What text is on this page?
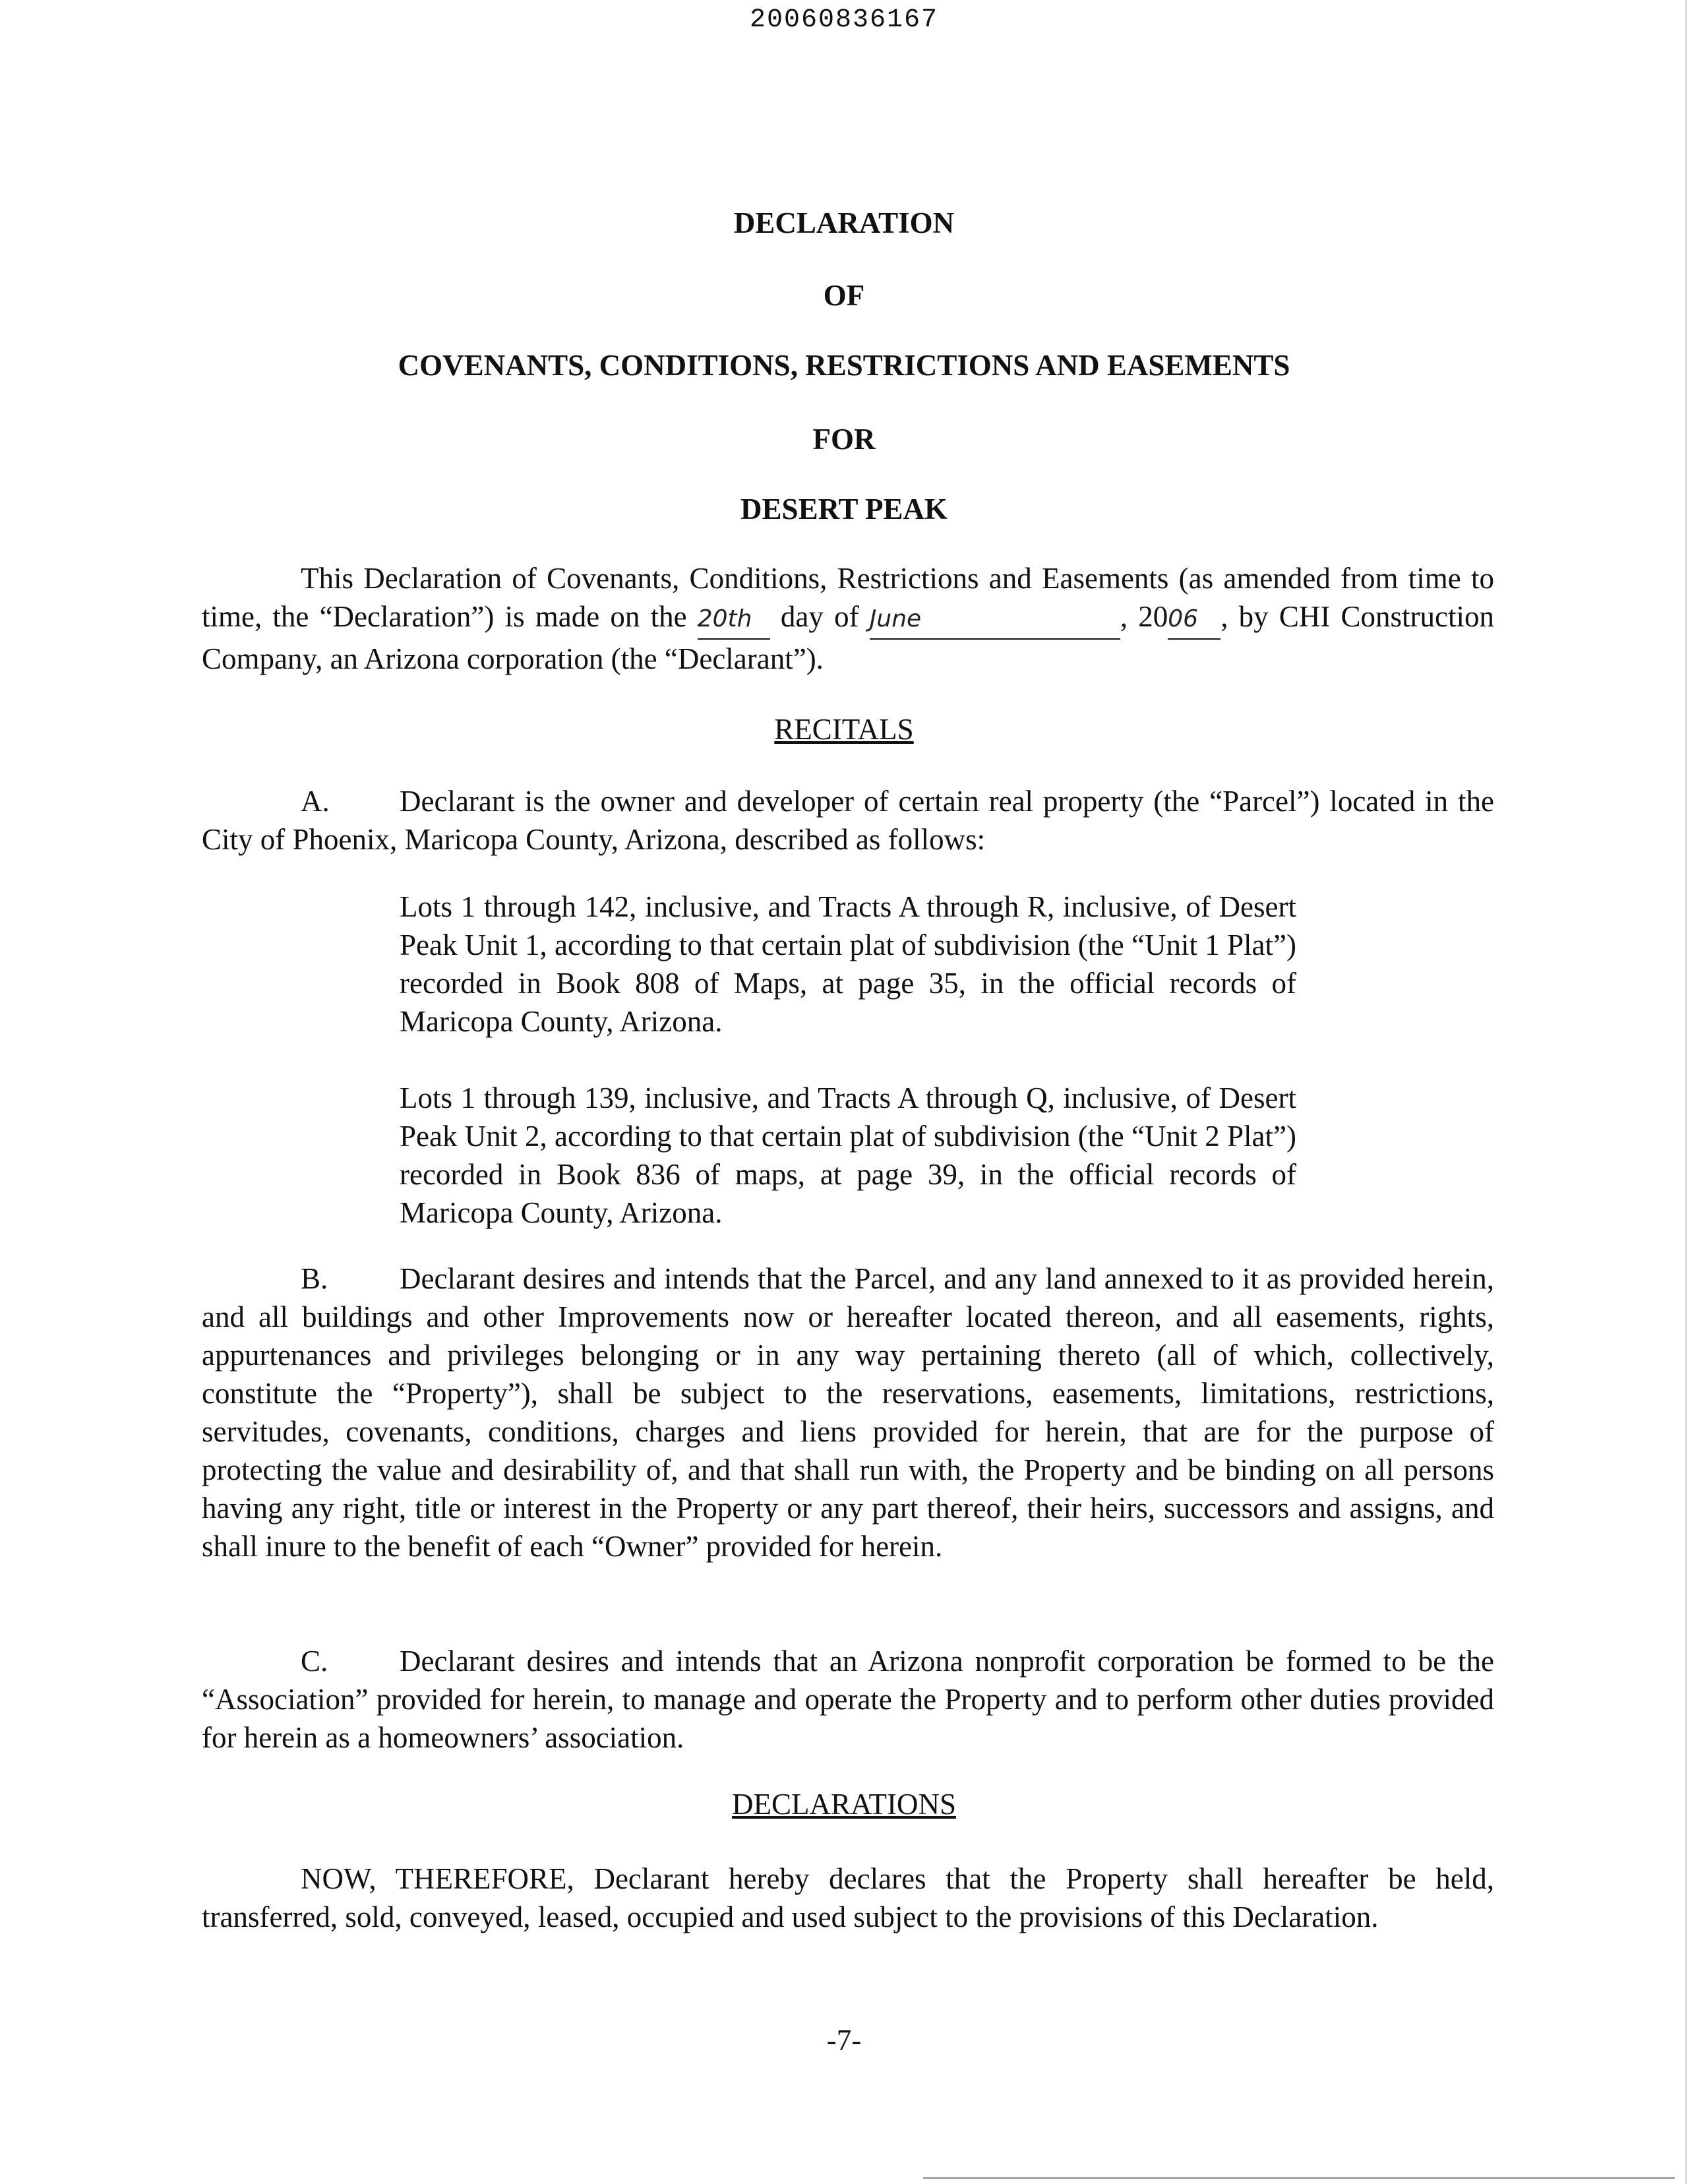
20060836167
DECLARATION
OF
COVENANTS, CONDITIONS, RESTRICTIONS AND EASEMENTS
FOR
DESERT PEAK
This Declaration of Covenants, Conditions, Restrictions and Easements (as amended from time to time, the “Declaration”) is made on the 20th day of June	, 2006 , by CHI Construction Company, an Arizona corporation (the “Declarant”).
RECITALS
A. Declarant is the owner and developer of certain real property (the “Parcel”) located in the City of Phoenix, Maricopa County, Arizona, described as follows:
Lots 1 through 142, inclusive, and Tracts A through R, inclusive, of Desert Peak Unit 1, according to that certain plat of subdivision (the “Unit 1 Plat”) recorded in Book 808 of Maps, at page 35, in the official records of Maricopa County, Arizona.
Lots 1 through 139, inclusive, and Tracts A through Q, inclusive, of Desert Peak Unit 2, according to that certain plat of subdivision (the “Unit 2 Plat”) recorded in Book 836 of maps, at page 39, in the official records of Maricopa County, Arizona.
B. Declarant desires and intends that the Parcel, and any land annexed to it as provided herein, and all buildings and other Improvements now or hereafter located thereon, and all easements, rights, appurtenances and privileges belonging or in any way pertaining thereto (all of which, collectively, constitute the “Property”), shall be subject to the reservations, easements, limitations, restrictions, servitudes, covenants, conditions, charges and liens provided for herein, that are for the purpose of protecting the value and desirability of, and that shall run with, the Property and be binding on all persons having any right, title or interest in the Property or any part thereof, their heirs, successors and assigns, and shall inure to the benefit of each “Owner” provided for herein.
C. Declarant desires and intends that an Arizona nonprofit corporation be formed to be the “Association” provided for herein, to manage and operate the Property and to perform other duties provided for herein as a homeowners’ association.
DECLARATIONS
NOW, THEREFORE, Declarant hereby declares that the Property shall hereafter be held, transferred, sold, conveyed, leased, occupied and used subject to the provisions of this Declaration.
-7-
